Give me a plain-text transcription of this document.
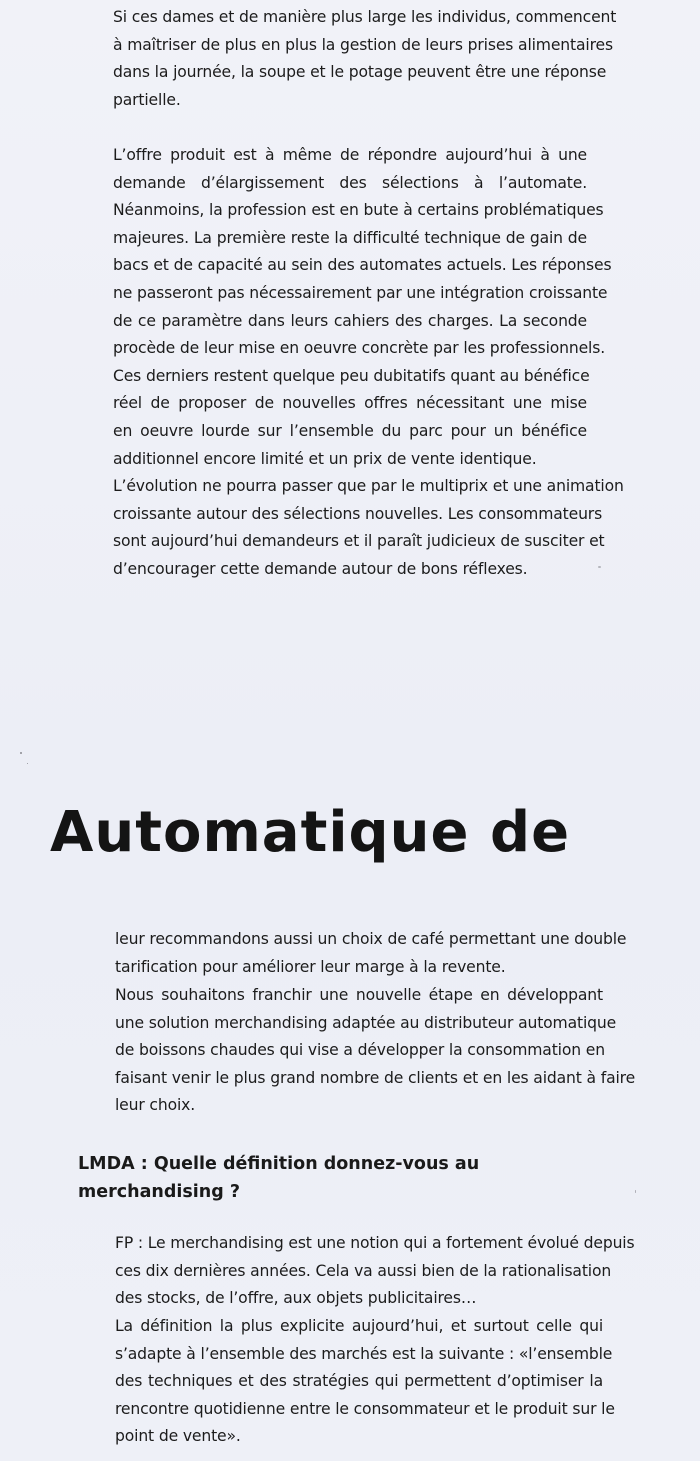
Si ces dames et de manière plus large les individus, commencent
à maîtriser de plus en plus la gestion de leurs prises alimentaires
dans la journée, la soupe et le potage peuvent être une réponse
partielle.
L’offre produit est à même de répondre aujourd’hui à une
demande d’élargissement des sélections à l’automate.
Néanmoins, la profession est en bute à certains problématiques
majeures. La première reste la difficulté technique de gain de
bacs et de capacité au sein des automates actuels. Les réponses
ne passeront pas nécessairement par une intégration croissante
de ce paramètre dans leurs cahiers des charges. La seconde
procède de leur mise en oeuvre concrète par les professionnels.
Ces derniers restent quelque peu dubitatifs quant au bénéfice
réel de proposer de nouvelles offres nécessitant une mise
en oeuvre lourde sur l’ensemble du parc pour un bénéfice
additionnel encore limité et un prix de vente identique.
L’évolution ne pourra passer que par le multiprix et une animation
croissante autour des sélections nouvelles. Les consommateurs
sont aujourd’hui demandeurs et il paraît judicieux de susciter et
d’encourager cette demande autour de bons réflexes.
Automatique de
leur recommandons aussi un choix de café permettant une double
tarification pour améliorer leur marge à la revente.
Nous souhaitons franchir une nouvelle étape en développant
une solution merchandising adaptée au distributeur automatique
de boissons chaudes qui vise a développer la consommation en
faisant venir le plus grand nombre de clients et en les aidant à faire
leur choix.
LMDA : Quelle définition donnez-vous au
merchandising ?
FP : Le merchandising est une notion qui a fortement évolué depuis
ces dix dernières années. Cela va aussi bien de la rationalisation
des stocks, de l’offre, aux objets publicitaires…
La définition la plus explicite aujourd’hui, et surtout celle qui
s’adapte à l’ensemble des marchés est la suivante : «l’ensemble
des techniques et des stratégies qui permettent d’optimiser la
rencontre quotidienne entre le consommateur et le produit sur le
point de vente».
